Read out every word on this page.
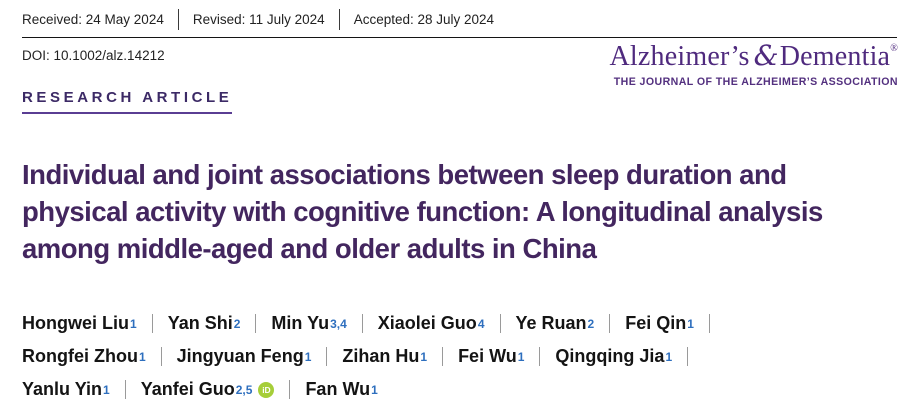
Received: 24 May 2024 Revised: 11 July 2024 Accepted: 28 July 2024
DOI: 10.1002/alz.14212	Alzheimer’s &Dementia®
THE JOURNAL OF THE ALZHEIMER’S ASSOCIATION
RESEARCH ARTICLE
Individual and joint associations between sleep duration and
physical activity with cognitive function: A longitudinal analysis
among middle-aged and older adults in China
Hongwei Liu 1 Yan Shi 2 Min Yu 3,4 Xiaolei Guo 4 Ye Ruan 2 Fei Qin 1
Rongfei Zhou 1 Jingyuan Feng 1 Zihan Hu 1 Fei Wu 1 Qingqing Jia 1
Yanlu Yin 1 Yanfei Guo 2,5	iD Fan Wu 1
